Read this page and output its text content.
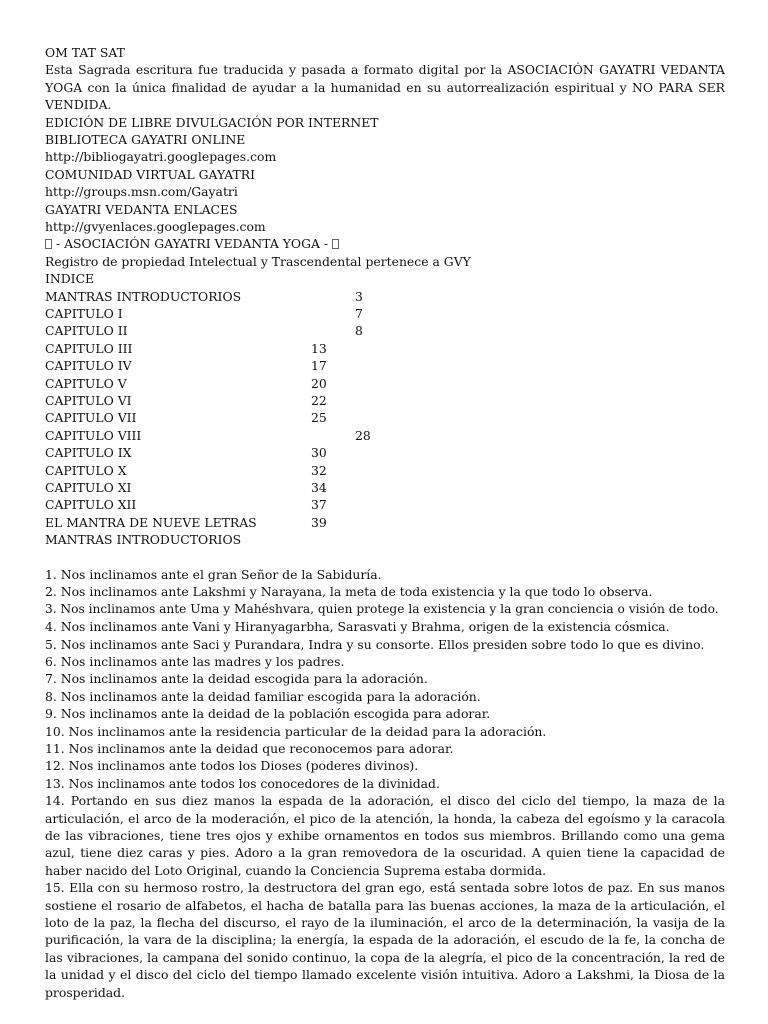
OM TAT SAT
Esta Sagrada escritura fue traducida y pasada a formato digital por la ASOCIACIÓN GAYATRI VEDANTA YOGA con la única finalidad de ayudar a la humanidad en su autorrealización espiritual y NO PARA SER VENDIDA.
EDICIÓN DE LIBRE DIVULGACIÓN POR INTERNET
BIBLIOTECA GAYATRI ONLINE
http://bibliogayatri.googlepages.com
COMUNIDAD VIRTUAL GAYATRI
http://groups.msn.com/Gayatri
GAYATRI VEDANTA ENLACES
http://gvyenlaces.googlepages.com
- ASOCIACIÓN GAYATRI VEDANTA YOGA -
Registro de propiedad Intelectual y Trascendental pertenece a GVY
INDICE
MANTRAS INTRODUCTORIOS	3
CAPITULO I	7
CAPITULO II	8
CAPITULO III	13
CAPITULO IV	17
CAPITULO V	20
CAPITULO VI	22
CAPITULO VII	25
CAPITULO VIII	28
CAPITULO IX	30
CAPITULO X	32
CAPITULO XI	34
CAPITULO XII	37
EL MANTRA DE NUEVE LETRAS	39
MANTRAS INTRODUCTORIOS
1. Nos inclinamos ante el gran Señor de la Sabiduría.
2. Nos inclinamos ante Lakshmi y Narayana, la meta de toda existencia y la que todo lo observa.
3. Nos inclinamos ante Uma y Mahéshvara, quien protege la existencia y la gran conciencia o visión de todo.
4. Nos inclinamos ante Vani y Hiranyagarbha, Sarasvati y Brahma, origen de la existencia cósmica.
5. Nos inclinamos ante Saci y Purandara, Indra y su consorte. Ellos presiden sobre todo lo que es divino.
6. Nos inclinamos ante las madres y los padres.
7. Nos inclinamos ante la deidad escogida para la adoración.
8. Nos inclinamos ante la deidad familiar escogida para la adoración.
9. Nos inclinamos ante la deidad de la población escogida para adorar.
10. Nos inclinamos ante la residencia particular de la deidad para la adoración.
11. Nos inclinamos ante la deidad que reconocemos para adorar.
12. Nos inclinamos ante todos los Dioses (poderes divinos).
13. Nos inclinamos ante todos los conocedores de la divinidad.
14. Portando en sus diez manos la espada de la adoración, el disco del ciclo del tiempo, la maza de la articulación, el arco de la moderación, el pico de la atención, la honda, la cabeza del egoísmo y la caracola de las vibraciones, tiene tres ojos y exhibe ornamentos en todos sus miembros. Brillando como una gema azul, tiene diez caras y pies. Adoro a la gran removedora de la oscuridad. A quien tiene la capacidad de haber nacido del Loto Original, cuando la Conciencia Suprema estaba dormida.
15. Ella con su hermoso rostro, la destructora del gran ego, está sentada sobre lotos de paz. En sus manos sostiene el rosario de alfabetos, el hacha de batalla para las buenas acciones, la maza de la articulación, el loto de la paz, la flecha del discurso, el rayo de la iluminación, el arco de la determinación, la vasija de la purificación, la vara de la disciplina; la energía, la espada de la adoración, el escudo de la fe, la concha de las vibraciones, la campana del sonido continuo, la copa de la alegría, el pico de la concentración, la red de la unidad y el disco del ciclo del tiempo llamado excelente visión intuitiva. Adoro a Lakshmi, la Diosa de la prosperidad.
